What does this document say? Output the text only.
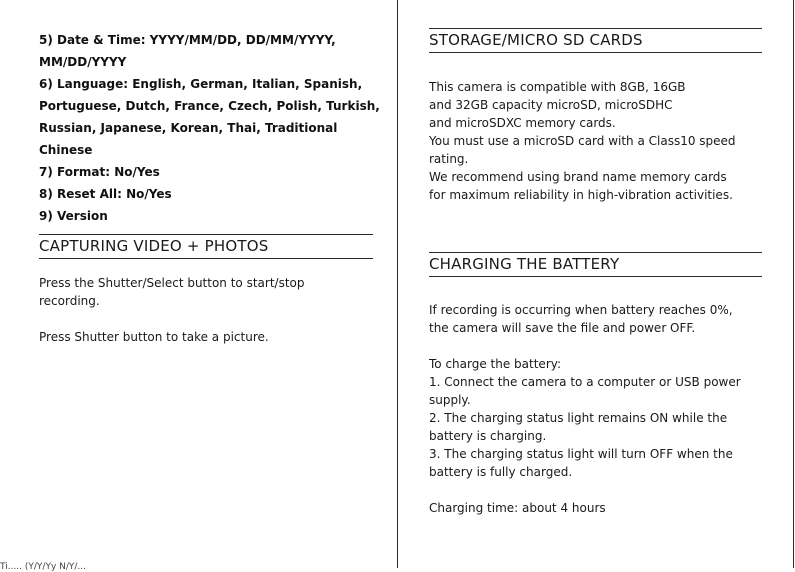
5) Date & Time: YYYY/MM/DD, DD/MM/YYYY,
MM/DD/YYYY
6) Language: English, German, Italian, Spanish,
Portuguese, Dutch, France, Czech, Polish, Turkish,
Russian, Japanese, Korean, Thai, Traditional Chinese
7) Format: No/Yes
8) Reset All: No/Yes
9) Version
CAPTURING VIDEO + PHOTOS

Press the Shutter/Select button to start/stop

recording.

Press Shutter button to take a picture.

Ti..... (Y/Y/Yy N/Y/...
STORAGE/MICRO SD CARDS

This camera is compatible with 8GB, 16GB

and 32GB capacity microSD, microSDHC

and microSDXC memory cards.

You must use a microSD card with a Class10 speed

rating.

We recommend using brand name memory cards

for maximum reliability in high-vibration activities.

CHARGING THE BATTERY

If recording is occurring when battery reaches 0%,

the camera will save the file and power OFF.

To charge the battery:

1. Connect the camera to a computer or USB power

supply.

2. The charging status light remains ON while the

battery is charging.

3. The charging status light will turn OFF when the

battery is fully charged.

Charging time: about 4 hours
